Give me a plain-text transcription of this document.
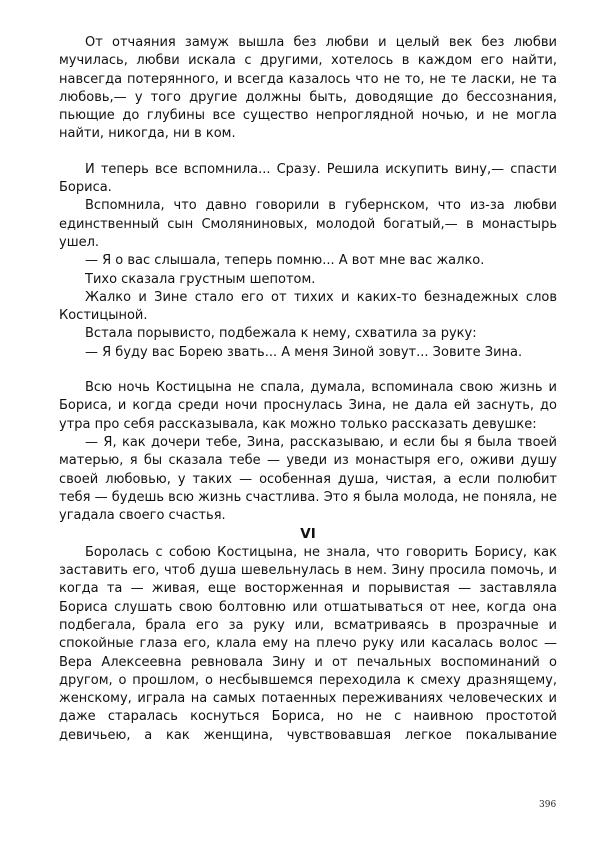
От отчаяния замуж вышла без любви и целый век без любви мучилась, любви искала с другими, хотелось в каждом его найти, навсегда потерянного, и всегда казалось что не то, не те ласки, не та любовь,— у того другие должны быть, доводящие до бессознания, пьющие до глубины все существо непроглядной ночью, и не могла найти, никогда, ни в ком.

И теперь все вспомнила... Сразу. Решила искупить вину,— спасти Бориса.

Вспомнила, что давно говорили в губернском, что из-за любви единственный сын Смоляниновых, молодой богатый,— в монастырь ушел.

— Я о вас слышала, теперь помню... А вот мне вас жалко.

Тихо сказала грустным шепотом.

Жалко и Зине стало его от тихих и каких-то безнадежных слов Костицыной.

Встала порывисто, подбежала к нему, схватила за руку:

— Я буду вас Борею звать... А меня Зиной зовут... Зовите Зина.

Всю ночь Костицына не спала, думала, вспоминала свою жизнь и Бориса, и когда среди ночи проснулась Зина, не дала ей заснуть, до утра про себя рассказывала, как можно только рассказать девушке:

— Я, как дочери тебе, Зина, рассказываю, и если бы я была твоей матерью, я бы сказала тебе — уведи из монастыря его, оживи душу своей любовью, у таких — особенная душа, чистая, а если полюбит тебя — будешь всю жизнь счастлива. Это я была молода, не поняла, не угадала своего счастья.

VI

Боролась с собою Костицына, не знала, что говорить Борису, как заставить его, чтоб душа шевельнулась в нем. Зину просила помочь, и когда та — живая, еще восторженная и порывистая — заставляла Бориса слушать свою болтовню или отшатываться от нее, когда она подбегала, брала его за руку или, всматриваясь в прозрачные и спокойные глаза его, клала ему на плечо руку или касалась волос — Вера Алексеевна ревновала Зину и от печальных воспоминаний о другом, о прошлом, о несбывшемся переходила к смеху дразнящему, женскому, играла на самых потаенных переживаниях человеческих и даже старалась коснуться Бориса, но не с наивною простотой девичьею, а как женщина, чувствовавшая легкое покалывание

396
